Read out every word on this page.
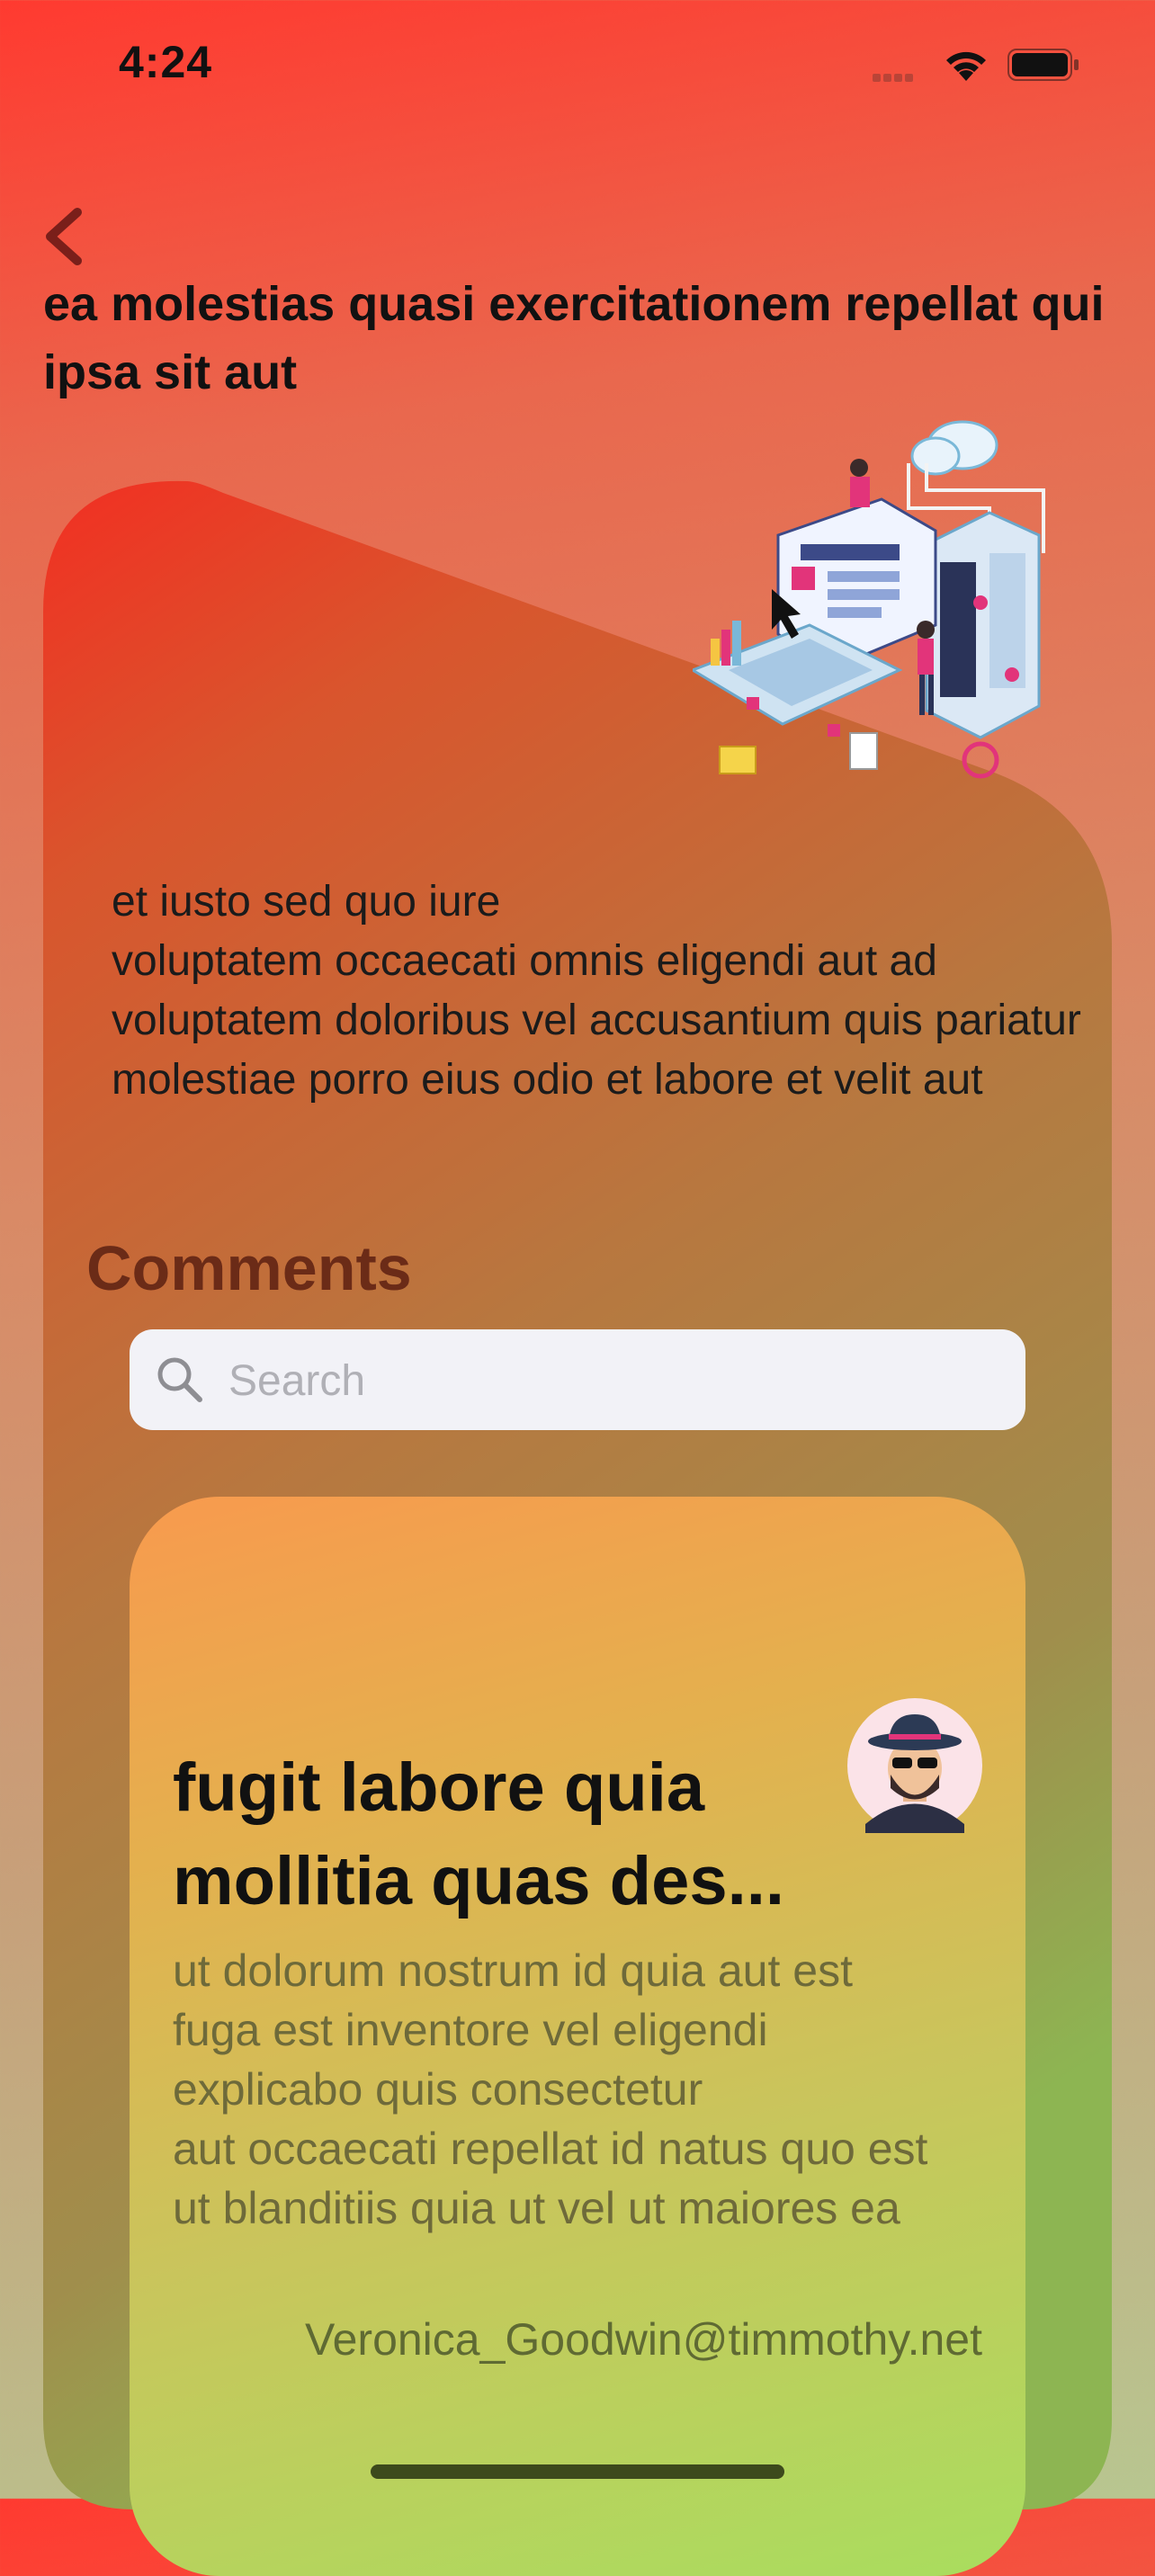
4:24
ea molestias quasi exercitationem repellat qui ipsa sit aut
et iusto sed quo iure
voluptatem occaecati omnis eligendi aut ad
voluptatem doloribus vel accusantium quis pariatur
molestiae porro eius odio et labore et velit aut
Comments
Search
fugit labore quia mollitia quas des...
ut dolorum nostrum id quia aut est
fuga est inventore vel eligendi
explicabo quis consectetur
aut occaecati repellat id natus quo est
ut blanditiis quia ut vel ut maiores ea
Veronica_Goodwin@timmothy.net
